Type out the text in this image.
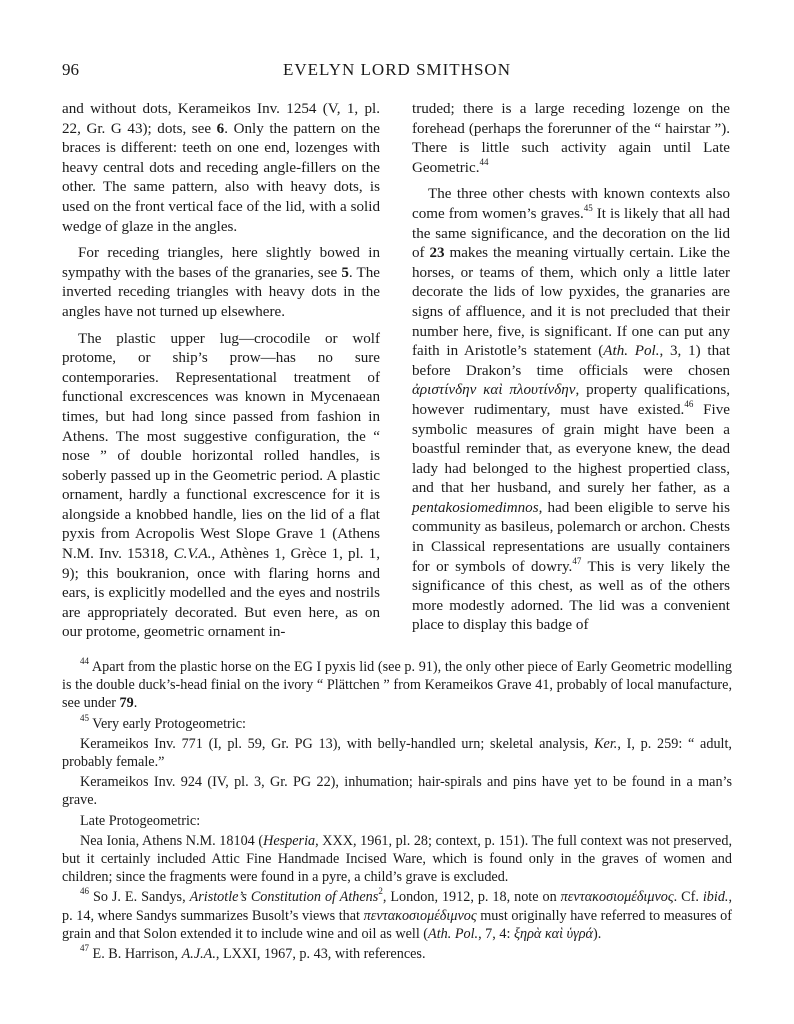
96	EVELYN LORD SMITHSON

and without dots, Kerameikos Inv. 1254 (V, 1, pl. 22, Gr. G 43); dots, see 6. Only the pattern on the braces is different: teeth on one end, lozenges with heavy central dots and receding angle-fillers on the other. The same pattern, also with heavy dots, is used on the front vertical face of the lid, with a solid wedge of glaze in the angles.

For receding triangles, here slightly bowed in sympathy with the bases of the granaries, see 5. The inverted receding triangles with heavy dots in the angles have not turned up elsewhere.

The plastic upper lug—crocodile or wolf protome, or ship’s prow—has no sure contemporaries. Representational treatment of functional excrescences was known in Mycenaean times, but had long since passed from fashion in Athens. The most suggestive configuration, the “ nose ” of double horizontal rolled handles, is soberly passed up in the Geometric period. A plastic ornament, hardly a functional excrescence for it is alongside a knobbed handle, lies on the lid of a flat pyxis from Acropolis West Slope Grave 1 (Athens N.M. Inv. 15318, C.V.A., Athènes 1, Grèce 1, pl. 1, 9); this boukranion, once with flaring horns and ears, is explicitly modelled and the eyes and nostrils are appropriately decorated. But even here, as on our protome, geometric ornament in-

truded; there is a large receding lozenge on the forehead (perhaps the forerunner of the “ hairstar ”). There is little such activity again until Late Geometric.$^{44}$

The three other chests with known contexts also come from women’s graves.$^{45}$ It is likely that all had the same significance, and the decoration on the lid of 23 makes the meaning virtually certain. Like the horses, or teams of them, which only a little later decorate the lids of low pyxides, the granaries are signs of affluence, and it is not precluded that their number here, five, is significant. If one can put any faith in Aristotle’s statement (Ath. Pol., 3, 1) that before Drakon’s time officials were chosen ἀριστίνδην καὶ πλουτίνδην, property qualifications, however rudimentary, must have existed.$^{46}$ Five symbolic measures of grain might have been a boastful reminder that, as everyone knew, the dead lady had belonged to the highest propertied class, and that her husband, and surely her father, as a pentakosiomedimnos, had been eligible to serve his community as basileus, polemarch or archon. Chests in Classical representations are usually containers for or symbols of dowry.$^{47}$ This is very likely the significance of this chest, as well as of the others more modestly adorned. The lid was a convenient place to display this badge of

$^{44}$ Apart from the plastic horse on the EG I pyxis lid (see p. 91), the only other piece of Early Geometric modelling is the double duck’s-head finial on the ivory “ Plättchen ” from Kerameikos Grave 41, probably of local manufacture, see under 79.

$^{45}$ Very early Protogeometric:

Kerameikos Inv. 771 (I, pl. 59, Gr. PG 13), with belly-handled urn; skeletal analysis, Ker., I, p. 259: “ adult, probably female.”

Kerameikos Inv. 924 (IV, pl. 3, Gr. PG 22), inhumation; hair-spirals and pins have yet to be found in a man’s grave.

Late Protogeometric:

Nea Ionia, Athens N.M. 18104 (Hesperia, XXX, 1961, pl. 28; context, p. 151). The full context was not preserved, but it certainly included Attic Fine Handmade Incised Ware, which is found only in the graves of women and children; since the fragments were found in a pyre, a child’s grave is excluded.

$^{46}$ So J. E. Sandys, Aristotle’s Constitution of Athens$^2$, London, 1912, p. 18, note on πεντακοσιομέδιμνος. Cf. ibid., p. 14, where Sandys summarizes Busolt’s views that πεντακοσιομέδιμνος must originally have referred to measures of grain and that Solon extended it to include wine and oil as well (Ath. Pol., 7, 4: ξηρὰ καὶ ὑγρά).

$^{47}$ E. B. Harrison, A.J.A., LXXI, 1967, p. 43, with references.
